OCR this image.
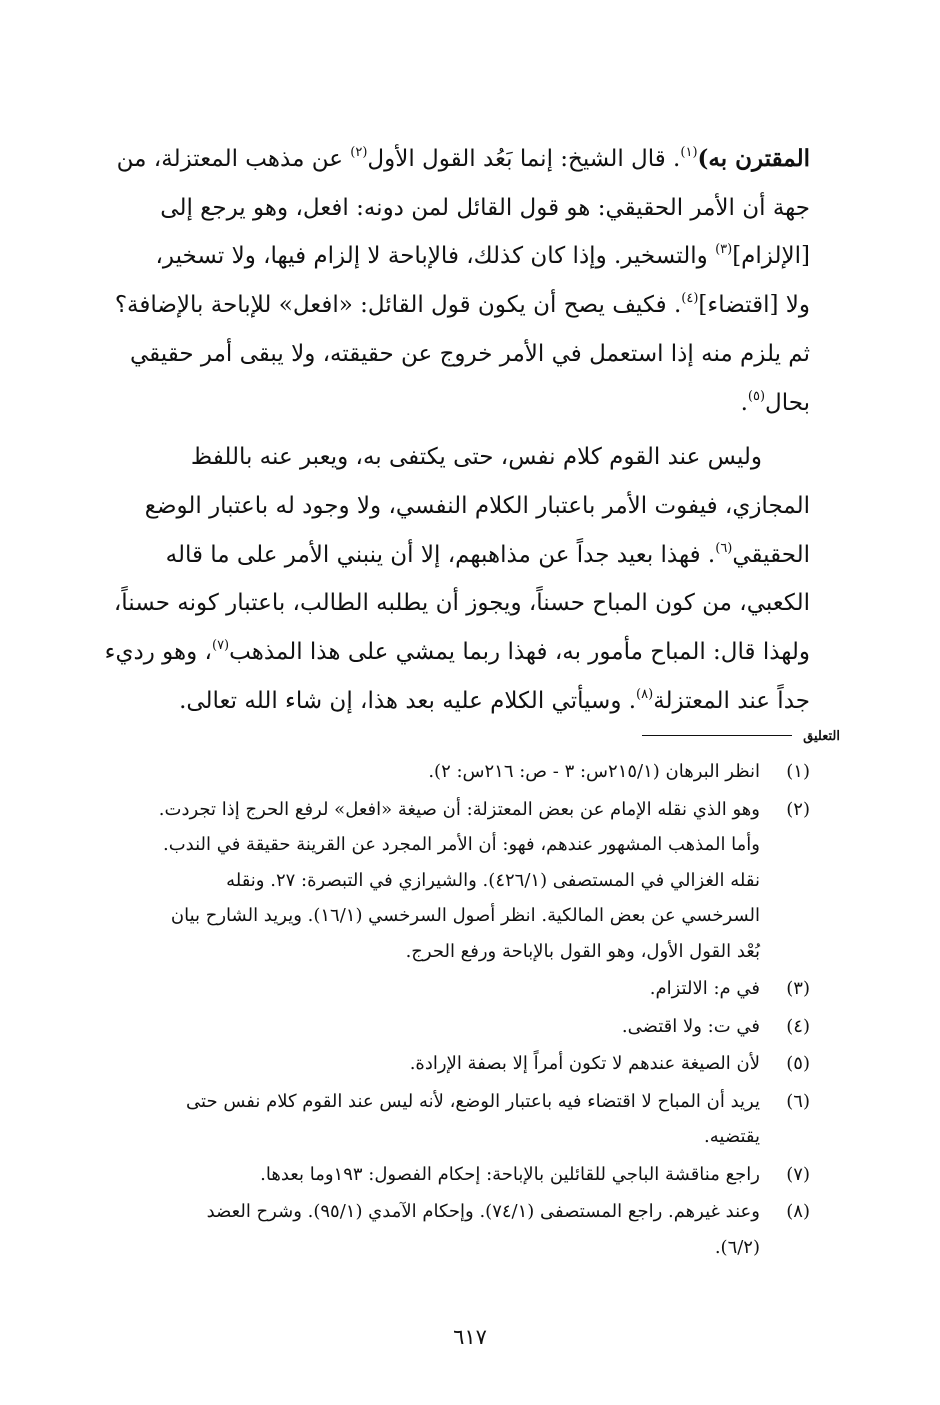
المقترن به)$^{(١)}$. قال الشيخ: إنما بَعُد القول الأول$^{(٢)}$ عن مذهب المعتزلة، من

جهة أن الأمر الحقيقي: هو قول القائل لمن دونه: افعل، وهو يرجع إلى

[الإلزام]$^{(٣)}$ والتسخير. وإذا كان كذلك، فالإباحة لا إلزام فيها، ولا تسخير،

ولا [اقتضاء]$^{(٤)}$. فكيف يصح أن يكون قول القائل: «افعل» للإباحة بالإضافة؟

ثم يلزم منه إذا استعمل في الأمر خروج عن حقيقته، ولا يبقى أمر حقيقي

بحال$^{(٥)}$.

وليس عند القوم كلام نفس، حتى يكتفى به، ويعبر عنه باللفظ

المجازي، فيفوت الأمر باعتبار الكلام النفسي، ولا وجود له باعتبار الوضع

الحقيقي$^{(٦)}$. فهذا بعيد جداً عن مذاهبهم، إلا أن ينبني الأمر على ما قاله

الكعبي، من كون المباح حسناً، ويجوز أن يطلبه الطالب، باعتبار كونه حسناً،

ولهذا قال: المباح مأمور به، فهذا ربما يمشي على هذا المذهب$^{(٧)}$، وهو رديء

جداً عند المعتزلة$^{(٨)}$. وسيأتي الكلام عليه بعد هذا، إن شاء الله تعالى.

التعليق
(١)
انظر البرهان (٢١٥/١س: ٣ - ص: ٢١٦س: ٢).
(٢)
وهو الذي نقله الإمام عن بعض المعتزلة: أن صيغة «افعل» لرفع الحرج إذا تجردت.
وأما المذهب المشهور عندهم، فهو: أن الأمر المجرد عن القرينة حقيقة في الندب.
نقله الغزالي في المستصفى (٤٢٦/١). والشيرازي في التبصرة: ٢٧. ونقله
السرخسي عن بعض المالكية. انظر أصول السرخسي (١٦/١). ويريد الشارح بيان
بُعْد القول الأول، وهو القول بالإباحة ورفع الحرج.
(٣)
في م: الالتزام.
(٤)
في ت: ولا اقتضى.
(٥)
لأن الصيغة عندهم لا تكون أمراً إلا بصفة الإرادة.
(٦)
يريد أن المباح لا اقتضاء فيه باعتبار الوضع، لأنه ليس عند القوم كلام نفس حتى
يقتضيه.
(٧)
راجع مناقشة الباجي للقائلين بالإباحة: إحكام الفصول: ١٩٣وما بعدها.
(٨)
وعند غيرهم. راجع المستصفى (٧٤/١). وإحكام الآمدي (٩٥/١). وشرح العضد
(٦/٢).
٦١٧
